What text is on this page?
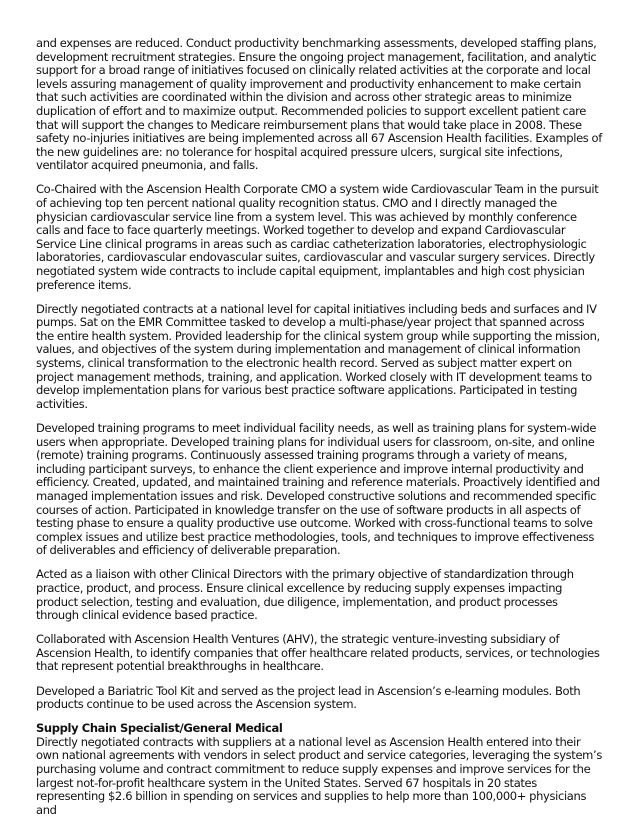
and expenses are reduced. Conduct productivity benchmarking assessments, developed staffing plans, development recruitment strategies. Ensure the ongoing project management, facilitation, and analytic support for a broad range of initiatives focused on clinically related activities at the corporate and local levels assuring management of quality improvement and productivity enhancement to make certain that such activities are coordinated within the division and across other strategic areas to minimize duplication of effort and to maximize output. Recommended policies to support excellent patient care that will support the changes to Medicare reimbursement plans that would take place in 2008. These safety no-injuries initiatives are being implemented across all 67 Ascension Health facilities. Examples of the new guidelines are: no tolerance for hospital acquired pressure ulcers, surgical site infections, ventilator acquired pneumonia, and falls.

Co-Chaired with the Ascension Health Corporate CMO a system wide Cardiovascular Team in the pursuit of achieving top ten percent national quality recognition status. CMO and I directly managed the physician cardiovascular service line from a system level. This was achieved by monthly conference calls and face to face quarterly meetings. Worked together to develop and expand Cardiovascular Service Line clinical programs in areas such as cardiac catheterization laboratories, electrophysiologic laboratories, cardiovascular endovascular suites, cardiovascular and vascular surgery services. Directly negotiated system wide contracts to include capital equipment, implantables and high cost physician preference items.

Directly negotiated contracts at a national level for capital initiatives including beds and surfaces and IV pumps. Sat on the EMR Committee tasked to develop a multi-phase/year project that spanned across the entire health system. Provided leadership for the clinical system group while supporting the mission, values, and objectives of the system during implementation and management of clinical information systems, clinical transformation to the electronic health record. Served as subject matter expert on project management methods, training, and application. Worked closely with IT development teams to develop implementation plans for various best practice software applications. Participated in testing activities.

Developed training programs to meet individual facility needs, as well as training plans for system-wide users when appropriate. Developed training plans for individual users for classroom, on-site, and online (remote) training programs. Continuously assessed training programs through a variety of means, including participant surveys, to enhance the client experience and improve internal productivity and efficiency. Created, updated, and maintained training and reference materials. Proactively identified and managed implementation issues and risk. Developed constructive solutions and recommended specific courses of action. Participated in knowledge transfer on the use of software products in all aspects of testing phase to ensure a quality productive use outcome. Worked with cross-functional teams to solve complex issues and utilize best practice methodologies, tools, and techniques to improve effectiveness of deliverables and efficiency of deliverable preparation.

Acted as a liaison with other Clinical Directors with the primary objective of standardization through practice, product, and process. Ensure clinical excellence by reducing supply expenses impacting product selection, testing and evaluation, due diligence, implementation, and product processes through clinical evidence based practice.

Collaborated with Ascension Health Ventures (AHV), the strategic venture-investing subsidiary of Ascension Health, to identify companies that offer healthcare related products, services, or technologies that represent potential breakthroughs in healthcare.

Developed a Bariatric Tool Kit and served as the project lead in Ascension’s e-learning modules. Both products continue to be used across the Ascension system.

Supply Chain Specialist/General Medical

Directly negotiated contracts with suppliers at a national level as Ascension Health entered into their own national agreements with vendors in select product and service categories, leveraging the system’s purchasing volume and contract commitment to reduce supply expenses and improve services for the largest not-for-profit healthcare system in the United States. Served 67 hospitals in 20 states representing $2.6 billion in spending on services and supplies to help more than 100,000+ physicians and
